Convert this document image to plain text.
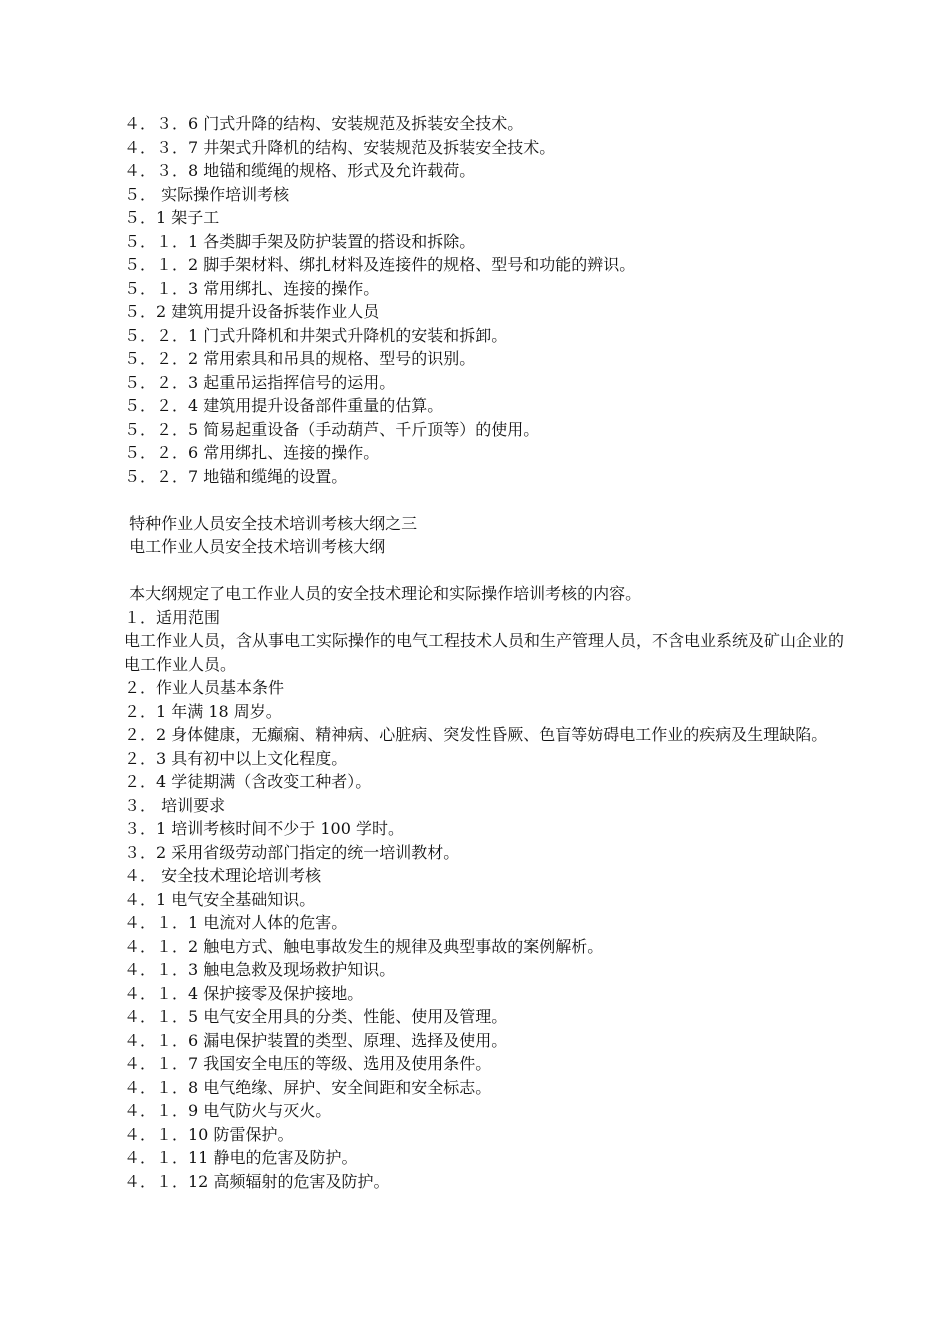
４．３．6 门式升降的结构、安装规范及拆装安全技术。
４．３．7 井架式升降机的结构、安装规范及拆装安全技术。
４．３．8 地锚和缆绳的规格、形式及允许载荷。
５． 实际操作培训考核
５．1 架子工
５．１．1 各类脚手架及防护装置的搭设和拆除。
５．１．2 脚手架材料、绑扎材料及连接件的规格、型号和功能的辨识。
５．１．3 常用绑扎、连接的操作。
５．2 建筑用提升设备拆装作业人员
５．２．1 门式升降机和井架式升降机的安装和拆卸。
５．２．2 常用索具和吊具的规格、型号的识别。
５．２．3 起重吊运指挥信号的运用。
５．２．4 建筑用提升设备部件重量的估算。
５．２．5 简易起重设备（手动葫芦、千斤顶等）的使用。
５．２．6 常用绑扎、连接的操作。
５．２．7 地锚和缆绳的设置。
特种作业人员安全技术培训考核大纲之三
电工作业人员安全技术培训考核大纲
本大纲规定了电工作业人员的安全技术理论和实际操作培训考核的内容。
１．适用范围
电工作业人员，含从事电工实际操作的电气工程技术人员和生产管理人员，不含电业系统及矿山企业的电工作业人员。
２．作业人员基本条件
２．1 年满 18 周岁。
２．2 身体健康，无癫痫、精神病、心脏病、突发性昏厥、色盲等妨碍电工作业的疾病及生理缺陷。
２．3 具有初中以上文化程度。
２．4 学徒期满（含改变工种者）。
３． 培训要求
３．1 培训考核时间不少于 100 学时。
３．2 采用省级劳动部门指定的统一培训教材。
４． 安全技术理论培训考核
４．1 电气安全基础知识。
４．１．1 电流对人体的危害。
４．１．2 触电方式、触电事故发生的规律及典型事故的案例解析。
４．１．3 触电急救及现场救护知识。
４．１．4 保护接零及保护接地。
４．１．5 电气安全用具的分类、性能、使用及管理。
４．１．6 漏电保护装置的类型、原理、选择及使用。
４．１．7 我国安全电压的等级、选用及使用条件。
４．１．8 电气绝缘、屏护、安全间距和安全标志。
４．１．9 电气防火与灭火。
４．１．10 防雷保护。
４．１．11 静电的危害及防护。
４．１．12 高频辐射的危害及防护。
